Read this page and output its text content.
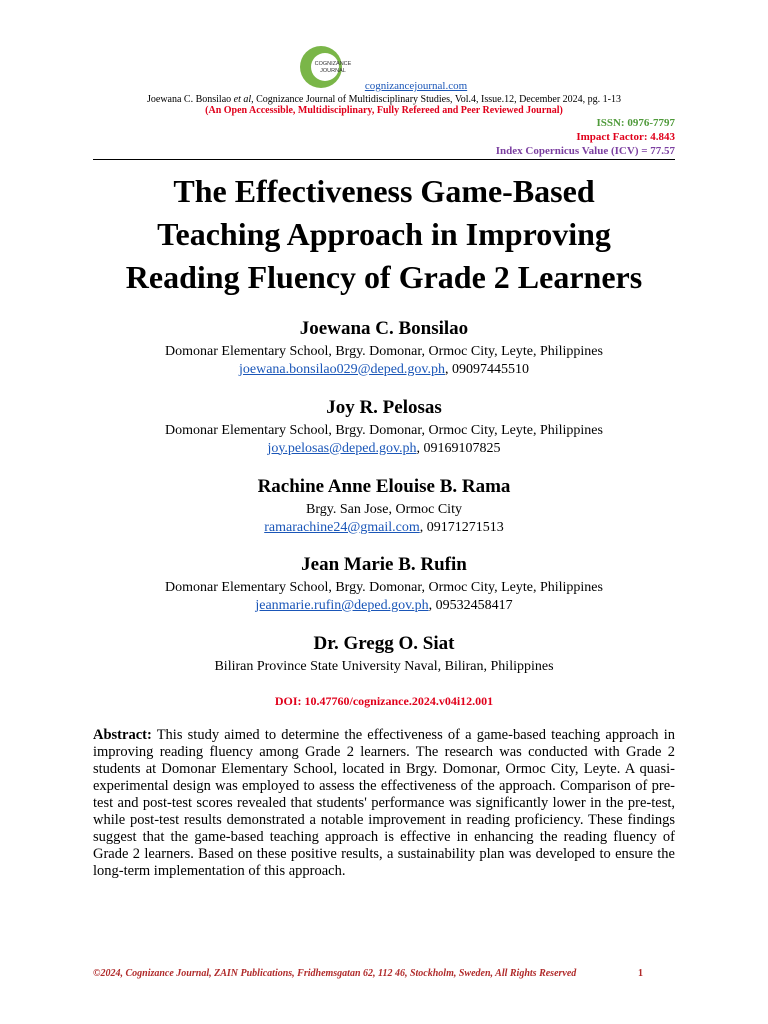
COGNIZANCE
JOURNAL
cognizancejournal.com
Joewana C. Bonsilao et al, Cognizance Journal of Multidisciplinary Studies, Vol.4, Issue.12, December 2024, pg. 1-13
(An Open Accessible, Multidisciplinary, Fully Refereed and Peer Reviewed Journal)
ISSN: 0976-7797
Impact Factor: 4.843
Index Copernicus Value (ICV) = 77.57
The Effectiveness Game-Based
Teaching Approach in Improving
Reading Fluency of Grade 2 Learners
Joewana C. Bonsilao
Domonar Elementary School, Brgy. Domonar, Ormoc City, Leyte, Philippines
joewana.bonsilao029@deped.gov.ph, 09097445510
Joy R. Pelosas
Domonar Elementary School, Brgy. Domonar, Ormoc City, Leyte, Philippines
joy.pelosas@deped.gov.ph, 09169107825
Rachine Anne Elouise B. Rama
Brgy. San Jose, Ormoc City
ramarachine24@gmail.com, 09171271513
Jean Marie B. Rufin
Domonar Elementary School, Brgy. Domonar, Ormoc City, Leyte, Philippines
jeanmarie.rufin@deped.gov.ph, 09532458417
Dr. Gregg O. Siat
Biliran Province State University Naval, Biliran, Philippines
DOI: 10.47760/cognizance.2024.v04i12.001
Abstract: This study aimed to determine the effectiveness of a game-based teaching approach in improving reading fluency among Grade 2 learners. The research was conducted with Grade 2 students at Domonar Elementary School, located in Brgy. Domonar, Ormoc City, Leyte. A quasi-experimental design was employed to assess the effectiveness of the approach. Comparison of pre-test and post-test scores revealed that students' performance was significantly lower in the pre-test, while post-test results demonstrated a notable improvement in reading proficiency. These findings suggest that the game-based teaching approach is effective in enhancing the reading fluency of Grade 2 learners. Based on these positive results, a sustainability plan was developed to ensure the long-term implementation of this approach.
©2024, Cognizance Journal, ZAIN Publications, Fridhemsgatan 62, 112 46, Stockholm, Sweden, All Rights Reserved	1
